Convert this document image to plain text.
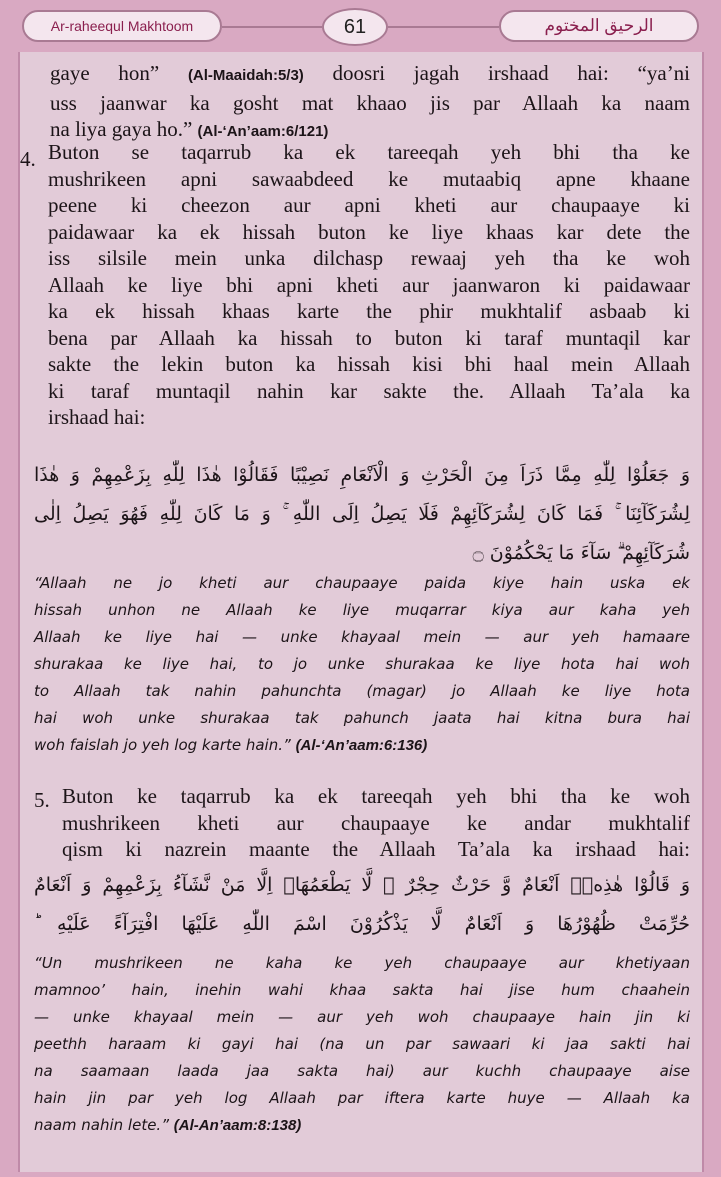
Ar-raheequl Makhtoom	61	الرحيق المختوم
gaye hon” (Al-Maaidah:5/3) doosri jagah irshaad hai: “ya’ni
uss jaanwar ka gosht mat khaao jis par Allaah ka naam
na liya gaya ho.” (Al-‘An’aam:6/121)
4. Buton se taqarrub ka ek tareeqah yeh bhi tha ke
mushrikeen apni sawaabdeed ke mutaabiq apne khaane
peene ki cheezon aur apni kheti aur chaupaaye ki
paidawaar ka ek hissah buton ke liye khaas kar dete the
iss silsile mein unka dilchasp rewaaj yeh tha ke woh
Allaah ke liye bhi apni kheti aur jaanwaron ki paidawaar
ka ek hissah khaas karte the phir mukhtalif asbaab ki
bena par Allaah ka hissah to buton ki taraf muntaqil kar
sakte the lekin buton ka hissah kisi bhi haal mein Allaah
ki taraf muntaqil nahin kar sakte the. Allaah Ta’ala ka
irshaad hai:
وَ جَعَلُوْا لِلّٰهِ مِمَّا ذَرَاَ مِنَ الْحَرْثِ وَ الْاَنْعَامِ نَصِيْبًا فَقَالُوْا هٰذَا لِلّٰهِ بِزَعْمِهِمْ وَ هٰذَا
لِشُرَكَآئِنَا ۚ فَمَا كَانَ لِشُرَكَآئِهِمْ فَلَا يَصِلُ اِلَى اللّٰهِ ۚ وَ مَا كَانَ لِلّٰهِ فَهُوَ يَصِلُ اِلٰى
شُرَكَآئِهِمْ ۗ سَآءَ مَا يَحْكُمُوْنَ ۝
“Allaah ne jo kheti aur chaupaaye paida kiye hain uska ek
hissah unhon ne Allaah ke liye muqarrar kiya aur kaha yeh
Allaah ke liye hai — unke khayaal mein — aur yeh hamaare
shurakaa ke liye hai, to jo unke shurakaa ke liye hota hai woh
to Allaah tak nahin pahunchta (magar) jo Allaah ke liye hota
hai woh unke shurakaa tak pahunch jaata hai kitna bura hai
woh faislah jo yeh log karte hain.” (Al-‘An’aam:6:136)
5. Buton ke taqarrub ka ek tareeqah yeh bhi tha ke woh
mushrikeen kheti aur chaupaaye ke andar mukhtalif
qism ki nazrein maante the Allaah Ta’ala ka irshaad hai:
وَ قَالُوْا هٰذِهٖۤ اَنْعَامٌ وَّ حَرْثٌ حِجْرٌ ۖ لَّا يَطْعَمُهَاۤ اِلَّا مَنْ نَّشَآءُ بِزَعْمِهِمْ وَ اَنْعَامٌ
حُرِّمَتْ ظُهُوْرُهَا وَ اَنْعَامٌ لَّا يَذْكُرُوْنَ اسْمَ اللّٰهِ عَلَيْهَا افْتِرَآءً عَلَيْهِ ؕ
“Un mushrikeen ne kaha ke yeh chaupaaye aur khetiyaan
mamnoo’ hain, inehin wahi khaa sakta hai jise hum chaahein
— unke khayaal mein — aur yeh woh chaupaaye hain jin ki
peethh haraam ki gayi hai (na un par sawaari ki jaa sakti hai
na saamaan laada jaa sakta hai) aur kuchh chaupaaye aise
hain jin par yeh log Allaah par iftera karte huye — Allaah ka
naam nahin lete.” (Al-An’aam:8:138)
